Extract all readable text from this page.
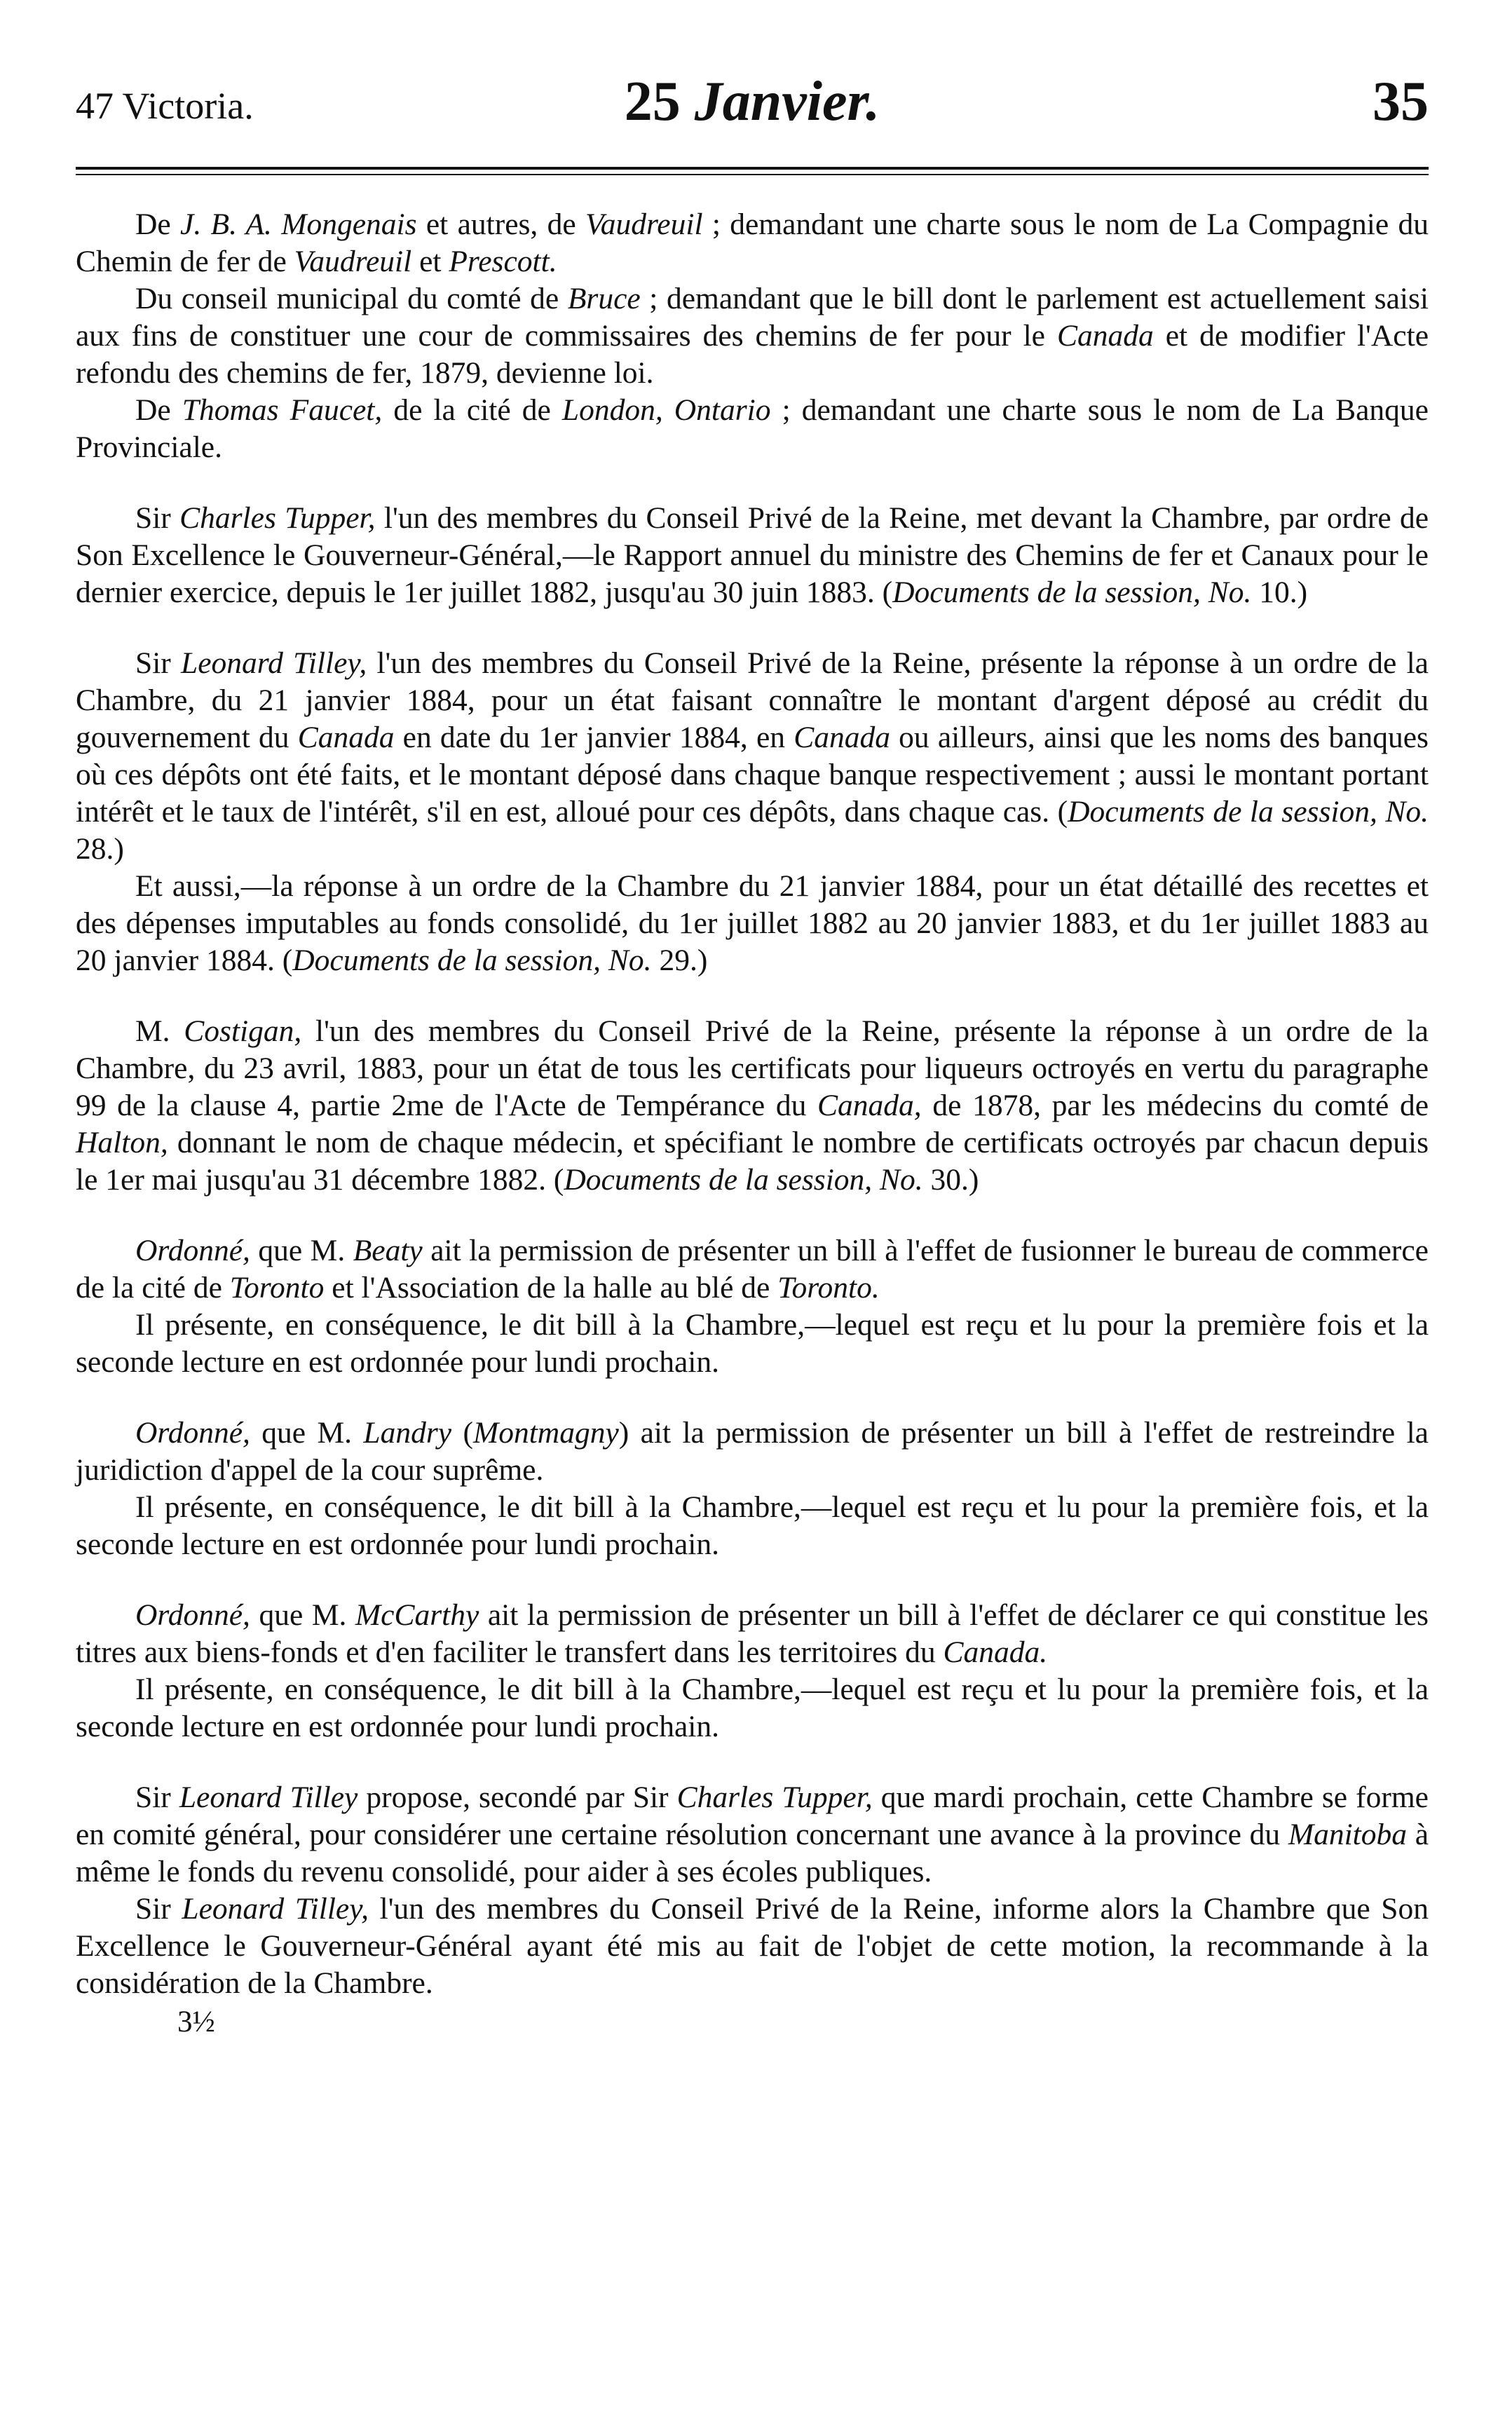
47 Victoria.	25 Janvier.	35

De J. B. A. Mongenais et autres, de Vaudreuil ; demandant une charte sous le nom de La Compagnie du Chemin de fer de Vaudreuil et Prescott.

Du conseil municipal du comté de Bruce ; demandant que le bill dont le parlement est actuellement saisi aux fins de constituer une cour de commissaires des chemins de fer pour le Canada et de modifier l'Acte refondu des chemins de fer, 1879, devienne loi.

De Thomas Faucet, de la cité de London, Ontario ; demandant une charte sous le nom de La Banque Provinciale.

Sir Charles Tupper, l'un des membres du Conseil Privé de la Reine, met devant la Chambre, par ordre de Son Excellence le Gouverneur-Général,—le Rapport annuel du ministre des Chemins de fer et Canaux pour le dernier exercice, depuis le 1er juillet 1882, jusqu'au 30 juin 1883. (Documents de la session, No. 10.)

Sir Leonard Tilley, l'un des membres du Conseil Privé de la Reine, présente la réponse à un ordre de la Chambre, du 21 janvier 1884, pour un état faisant connaître le montant d'argent déposé au crédit du gouvernement du Canada en date du 1er janvier 1884, en Canada ou ailleurs, ainsi que les noms des banques où ces dépôts ont été faits, et le montant déposé dans chaque banque respectivement ; aussi le montant portant intérêt et le taux de l'intérêt, s'il en est, alloué pour ces dépôts, dans chaque cas. (Documents de la session, No. 28.)

Et aussi,—la réponse à un ordre de la Chambre du 21 janvier 1884, pour un état détaillé des recettes et des dépenses imputables au fonds consolidé, du 1er juillet 1882 au 20 janvier 1883, et du 1er juillet 1883 au 20 janvier 1884. (Documents de la session, No. 29.)

M. Costigan, l'un des membres du Conseil Privé de la Reine, présente la réponse à un ordre de la Chambre, du 23 avril, 1883, pour un état de tous les certificats pour liqueurs octroyés en vertu du paragraphe 99 de la clause 4, partie 2me de l'Acte de Tempérance du Canada, de 1878, par les médecins du comté de Halton, donnant le nom de chaque médecin, et spécifiant le nombre de certificats octroyés par chacun depuis le 1er mai jusqu'au 31 décembre 1882. (Documents de la session, No. 30.)

Ordonné, que M. Beaty ait la permission de présenter un bill à l'effet de fusionner le bureau de commerce de la cité de Toronto et l'Association de la halle au blé de Toronto.

Il présente, en conséquence, le dit bill à la Chambre,—lequel est reçu et lu pour la première fois et la seconde lecture en est ordonnée pour lundi prochain.

Ordonné, que M. Landry (Montmagny) ait la permission de présenter un bill à l'effet de restreindre la juridiction d'appel de la cour suprême.

Il présente, en conséquence, le dit bill à la Chambre,—lequel est reçu et lu pour la première fois, et la seconde lecture en est ordonnée pour lundi prochain.

Ordonné, que M. McCarthy ait la permission de présenter un bill à l'effet de déclarer ce qui constitue les titres aux biens-fonds et d'en faciliter le transfert dans les territoires du Canada.

Il présente, en conséquence, le dit bill à la Chambre,—lequel est reçu et lu pour la première fois, et la seconde lecture en est ordonnée pour lundi prochain.

Sir Leonard Tilley propose, secondé par Sir Charles Tupper, que mardi prochain, cette Chambre se forme en comité général, pour considérer une certaine résolution concernant une avance à la province du Manitoba à même le fonds du revenu consolidé, pour aider à ses écoles publiques.

Sir Leonard Tilley, l'un des membres du Conseil Privé de la Reine, informe alors la Chambre que Son Excellence le Gouverneur-Général ayant été mis au fait de l'objet de cette motion, la recommande à la considération de la Chambre.

3½
